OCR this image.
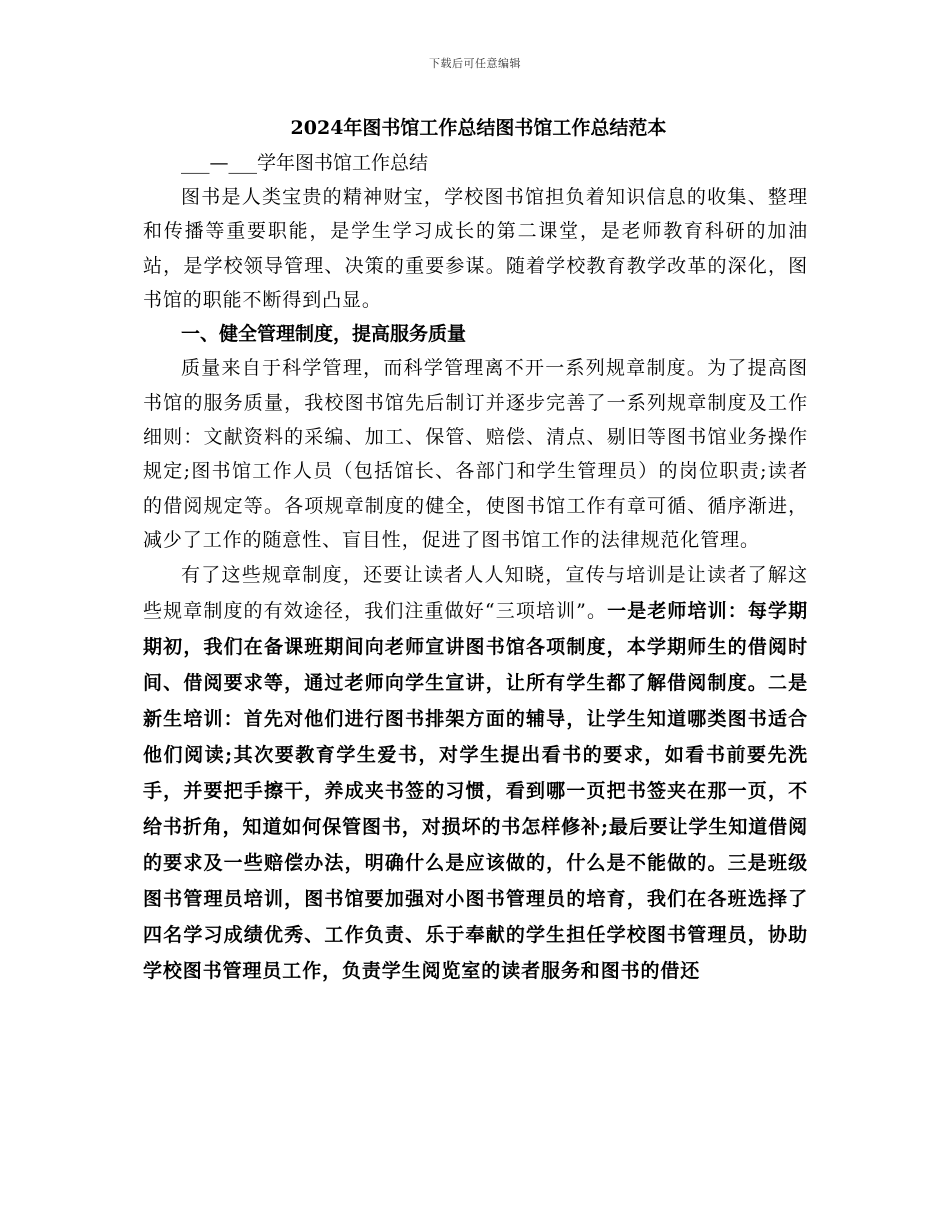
下载后可任意编辑

2024年图书馆工作总结图书馆工作总结范本

___—___学年图书馆工作总结

图书是人类宝贵的精神财宝，学校图书馆担负着知识信息的收集、整理和传播等重要职能，是学生学习成长的第二课堂，是老师教育科研的加油站，是学校领导管理、决策的重要参谋。随着学校教育教学改革的深化，图书馆的职能不断得到凸显。

一、健全管理制度，提高服务质量

质量来自于科学管理，而科学管理离不开一系列规章制度。为了提高图书馆的服务质量，我校图书馆先后制订并逐步完善了一系列规章制度及工作细则：文献资料的采编、加工、保管、赔偿、清点、剔旧等图书馆业务操作规定;图书馆工作人员（包括馆长、各部门和学生管理员）的岗位职责;读者的借阅规定等。各项规章制度的健全，使图书馆工作有章可循、循序渐进，减少了工作的随意性、盲目性，促进了图书馆工作的法律规范化管理。

有了这些规章制度，还要让读者人人知晓，宣传与培训是让读者了解这些规章制度的有效途径，我们注重做好“三项培训”。一是老师培训：每学期期初，我们在备课班期间向老师宣讲图书馆各项制度，本学期师生的借阅时间、借阅要求等，通过老师向学生宣讲，让所有学生都了解借阅制度。二是新生培训：首先对他们进行图书排架方面的辅导，让学生知道哪类图书适合他们阅读;其次要教育学生爱书，对学生提出看书的要求，如看书前要先洗手，并要把手擦干，养成夹书签的习惯，看到哪一页把书签夹在那一页，不给书折角，知道如何保管图书，对损坏的书怎样修补;最后要让学生知道借阅的要求及一些赔偿办法，明确什么是应该做的，什么是不能做的。三是班级图书管理员培训，图书馆要加强对小图书管理员的培育，我们在各班选择了四名学习成绩优秀、工作负责、乐于奉献的学生担任学校图书管理员，协助学校图书管理员工作，负责学生阅览室的读者服务和图书的借还
